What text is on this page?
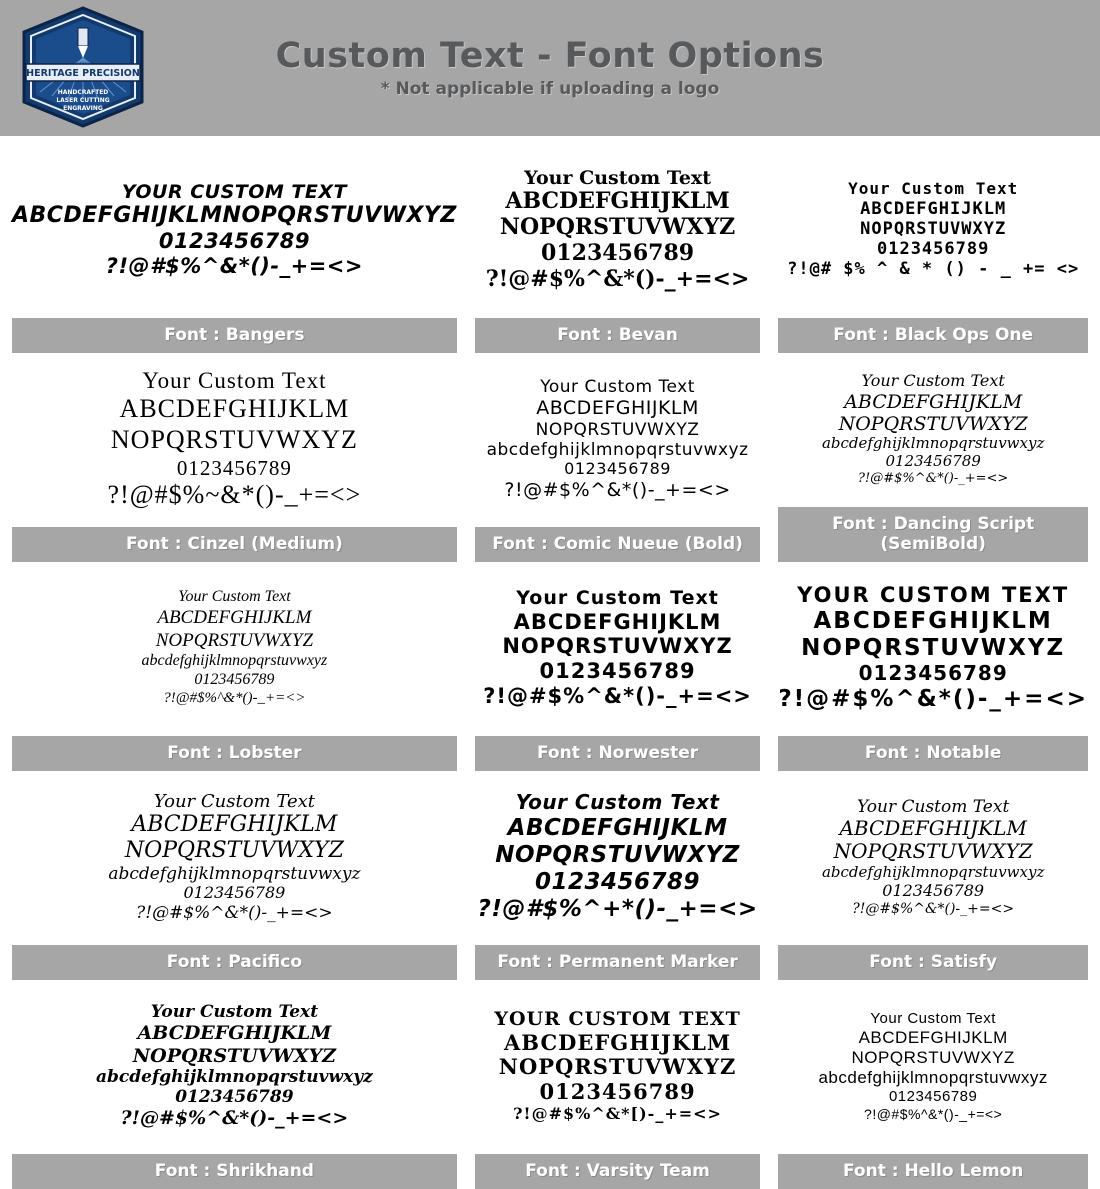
HERITAGE PRECISION
HANDCRAFTED
LASER CUTTING
ENGRAVING
Custom Text - Font Options

* Not applicable if uploading a logo

YOUR CUSTOM TEXT
ABCDEFGHIJKLMNOPQRSTUVWXYZ
0123456789
?!@#$%^&*()-_+=<>
Font : Bangers
Your Custom Text
ABCDEFGHIJKLM
NOPQRSTUVWXYZ
0123456789
?!@#$%^&*()-_+=<>
Font : Bevan
Your Custom Text
ABCDEFGHIJKLM
NOPQRSTUVWXYZ
0123456789
?!@# $% ^ & * () - _ += <>
Font : Black Ops One
Your Custom Text
ABCDEFGHIJKLM
NOPQRSTUVWXYZ
0123456789
?!@#$%~&*()-_+=<>
Font : Cinzel (Medium)
Your Custom Text
ABCDEFGHIJKLM
NOPQRSTUVWXYZ
abcdefghijklmnopqrstuvwxyz
0123456789
?!@#$%^&*()-_+=<>
Font : Comic Nueue (Bold)
Your Custom Text
ABCDEFGHIJKLM
NOPQRSTUVWXYZ
abcdefghijklmnopqrstuvwxyz
0123456789
?!@#$%^&*()-_+=<>
Font : Dancing Script (SemiBold)
Your Custom Text
ABCDEFGHIJKLM
NOPQRSTUVWXYZ
abcdefghijklmnopqrstuvwxyz
0123456789
?!@#$%^&*()-_+=<>
Font : Lobster
Your Custom Text
ABCDEFGHIJKLM
NOPQRSTUVWXYZ
0123456789
?!@#$%^&*()-_+=<>
Font : Norwester
YOUR CUSTOM TEXT
ABCDEFGHIJKLM
NOPQRSTUVWXYZ
0123456789
?!@#$%^&*()-_+=<>
Font : Notable
Your Custom Text
ABCDEFGHIJKLM
NOPQRSTUVWXYZ
abcdefghijklmnopqrstuvwxyz
0123456789
?!@#$%^&*()-_+=<>
Font : Pacifico
Your Custom Text
ABCDEFGHIJKLM
NOPQRSTUVWXYZ
0123456789
?!@#$%^+*()-_+=<>
Font : Permanent Marker
Your Custom Text
ABCDEFGHIJKLM
NOPQRSTUVWXYZ
abcdefghijklmnopqrstuvwxyz
0123456789
?!@#$%^&*()-_+=<>
Font : Satisfy
Your Custom Text
ABCDEFGHIJKLM
NOPQRSTUVWXYZ
abcdefghijklmnopqrstuvwxyz
0123456789
?!@#$%^&*()-_+=<>
Font : Shrikhand
YOUR CUSTOM TEXT
ABCDEFGHIJKLM
NOPQRSTUVWXYZ
0123456789
?!@#$%^&*[)-_+=<>
Font : Varsity Team
Your Custom Text
ABCDEFGHIJKLM
NOPQRSTUVWXYZ
abcdefghijklmnopqrstuvwxyz
0123456789
?!@#$%^&*()-_+=<>
Font : Hello Lemon
